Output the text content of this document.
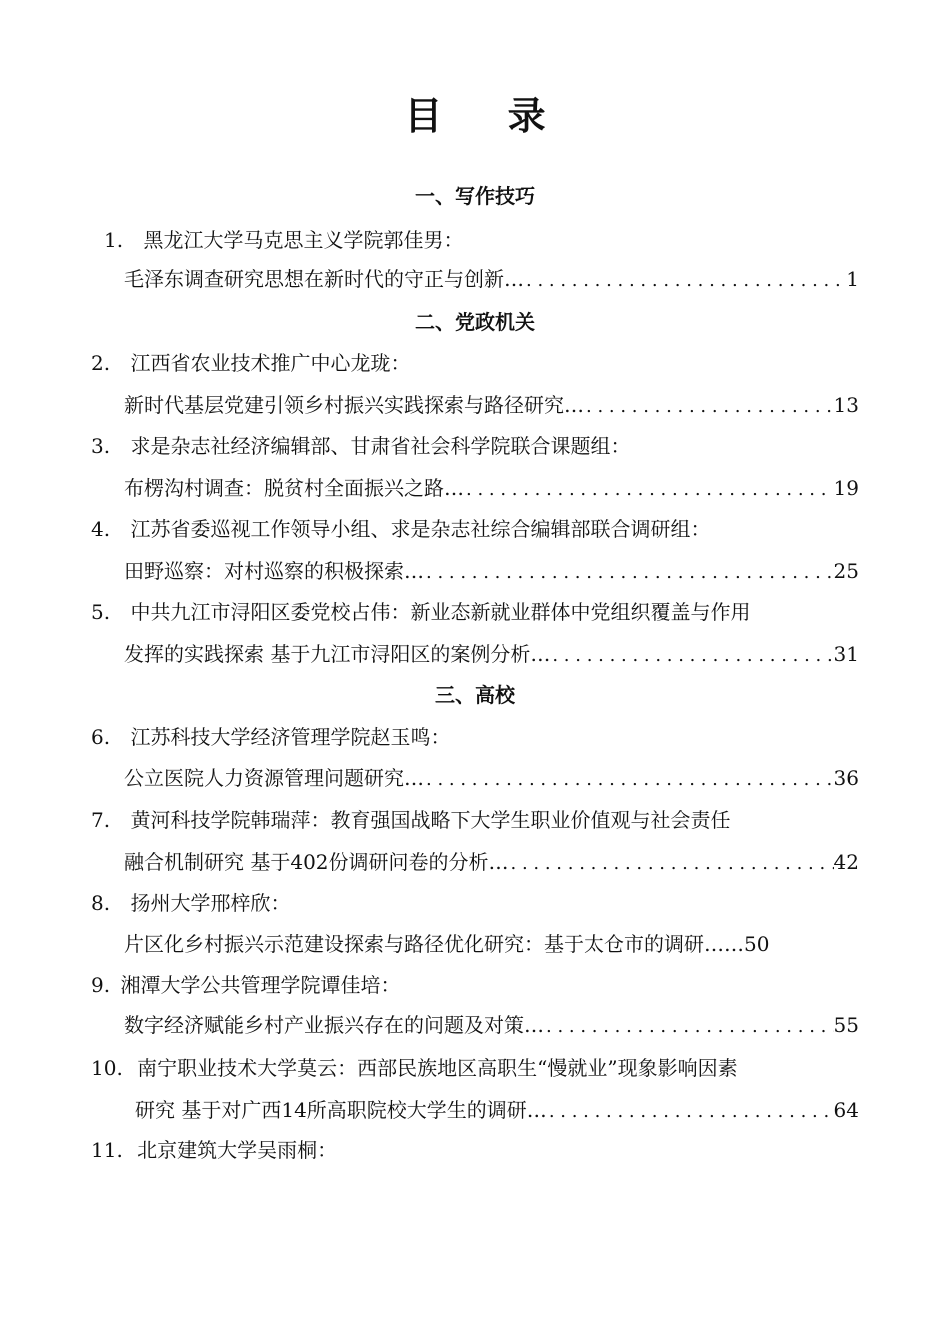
目 录
一、写作技巧
1. 黑龙江大学马克思主义学院郭佳男：
毛泽东调查研究思想在新时代的守正与创新… . . .	1
二、党政机关
2. 江西省农业技术推广中心龙珑：
新时代基层党建引领乡村振兴实践探索与路径研究… . . .	13
3. 求是杂志社经济编辑部、甘肃省社会科学院联合课题组：
布楞沟村调查：脱贫村全面振兴之路… . . .	19
4. 江苏省委巡视工作领导小组、求是杂志社综合编辑部联合调研组：
田野巡察：对村巡察的积极探索… . . .	25
5. 中共九江市浔阳区委党校占伟：新业态新就业群体中党组织覆盖与作用
发挥的实践探索 基于九江市浔阳区的案例分析… . . .	31
三、高校
6. 江苏科技大学经济管理学院赵玉鸣：
公立医院人力资源管理问题研究… . . .	36
7. 黄河科技学院韩瑞萍：教育强国战略下大学生职业价值观与社会责任
融合机制研究 基于402份调研问卷的分析… . . .	42
8. 扬州大学邢梓欣：
片区化乡村振兴示范建设探索与路径优化研究：基于太仓市的调研…… 50
9. 湘潭大学公共管理学院谭佳培：
数字经济赋能乡村产业振兴存在的问题及对策… . . .	55
10. 南宁职业技术大学莫云：西部民族地区高职生“慢就业”现象影响因素
研究 基于对广西14所高职院校大学生的调研… . . .	64
11. 北京建筑大学吴雨桐：
